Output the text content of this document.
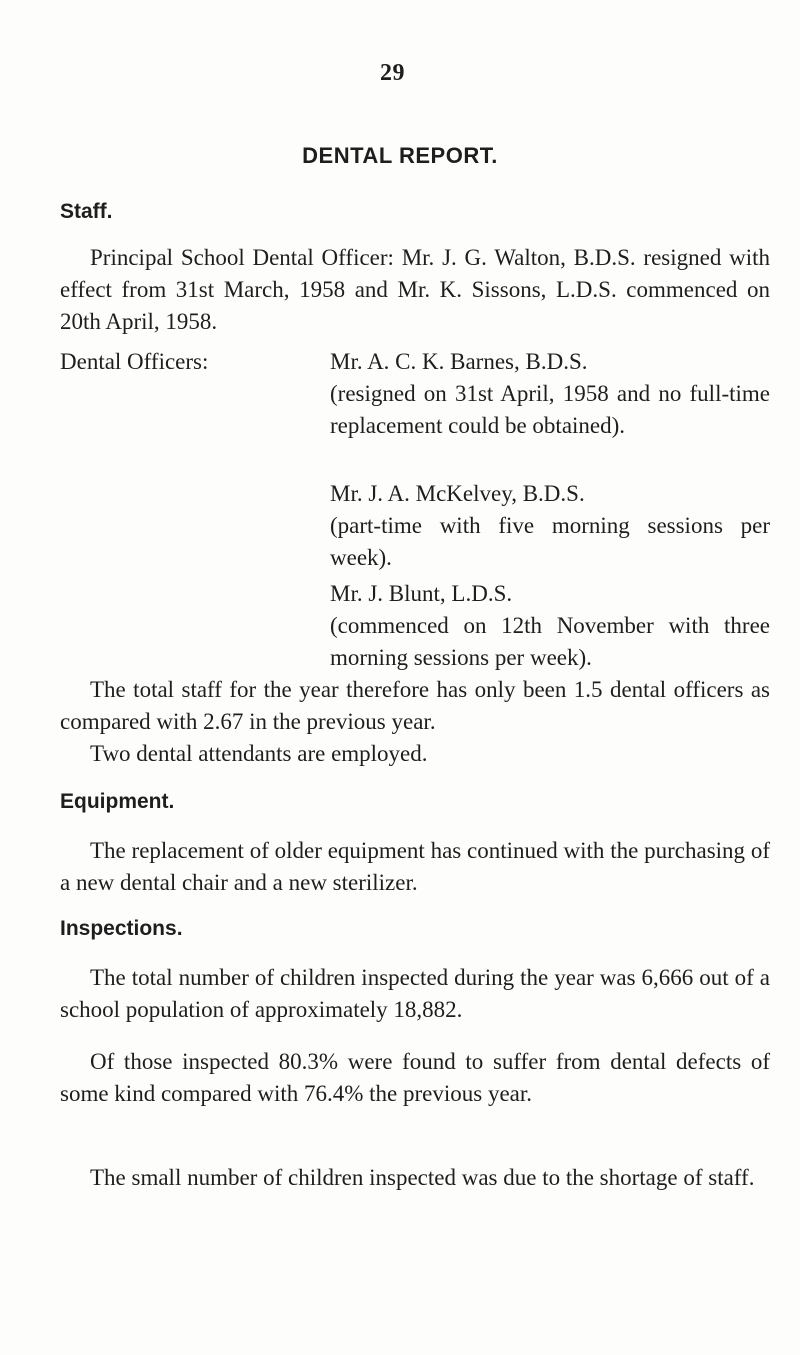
29
DENTAL REPORT.
Staff.
Principal School Dental Officer: Mr. J. G. Walton, B.D.S. resigned with effect from 31st March, 1958 and Mr. K. Sissons, L.D.S. commenced on 20th April, 1958.
Dental Officers:	Mr. A. C. K. Barnes, B.D.S.
(resigned on 31st April, 1958 and no full-time replacement could be obtained).
Mr. J. A. McKelvey, B.D.S.
(part-time with five morning sessions per week).
Mr. J. Blunt, L.D.S.
(commenced on 12th November with three morning sessions per week).
The total staff for the year therefore has only been 1.5 dental officers as compared with 2.67 in the previous year.
Two dental attendants are employed.
Equipment.
The replacement of older equipment has continued with the purchasing of a new dental chair and a new sterilizer.
Inspections.
The total number of children inspected during the year was 6,666 out of a school population of approximately 18,882.
Of those inspected 80.3% were found to suffer from dental defects of some kind compared with 76.4% the previous year.
The small number of children inspected was due to the shortage of staff.
